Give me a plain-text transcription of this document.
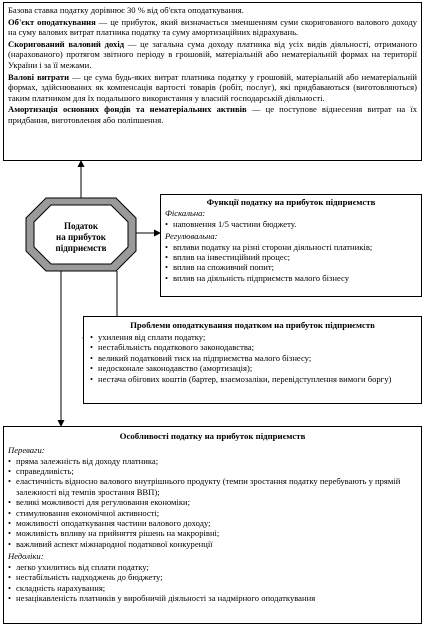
Базова ставка податку дорівнює 30 % від об'єкта оподаткування.

Об'єкт оподаткування — це прибуток, який визначається зменшенням суми скоригованого валового доходу на суму валових витрат платника податку та суму амортизаційних відрахувань.

Скоригований валовий дохід — це загальна сума доходу платника від усіх видів діяльності, отриманого (нарахованого) протягом звітного періоду в грошовій, матеріальній або нематеріальній формах на території України і за її межами.

Валові витрати — це сума будь-яких витрат платника податку у грошовій, матеріальній або нематеріальній формах, здійснюваних як компенсація вартості товарів (робіт, послуг), які придбаваються (виготовляються) таким платником для їх подальшого використання у власній господарській діяльності.

Амортизація основних фондів та нематеріальних активів — це поступове віднесення витрат на їх придбання, виготовлення або поліпшення.

Податок
на прибуток
підприємств
Функції податку на прибуток підприємств
Фіскальна:
• наповнення 1/5 частини бюджету.
Регулювальна:
• впливи податку на різні сторони діяльності платників;
• вплив на інвестиційний процес;
• вплив на споживчий попит;
• вплив на діяльність підприємств малого бізнесу
Проблеми оподаткування податком на прибуток підприємств
• ухилення від сплати податку;
• нестабільність податкового законодавства;
• великий податковий тиск на підприємства малого бізнесу;
• недосконале законодавство (амортизація);
• нестача обігових коштів (бартер, взаємозаліки, перевідступлення вимоги боргу)
Особливості податку на прибуток підприємств
Переваги:
• пряма залежність від доходу платника;
• справедливість;
• еластичність відносно валового внутрішнього продукту (темпи зростання податку перебувають у прямій залежності від темпів зростання ВВП);
• великі можливості для регулювання економіки;
• стимулювання економічної активності;
• можливості оподаткування частини валового доходу;
• можливість впливу на прийняття рішень на макрорівні;
• важливий аспект міжнародної податкової конкуренції
Недоліки:
• легко ухилитись від сплати податку;
• нестабільність надходжень до бюджету;
• складність нарахування;
• незацікавленість платників у виробничій діяльності за надмірного оподаткування
